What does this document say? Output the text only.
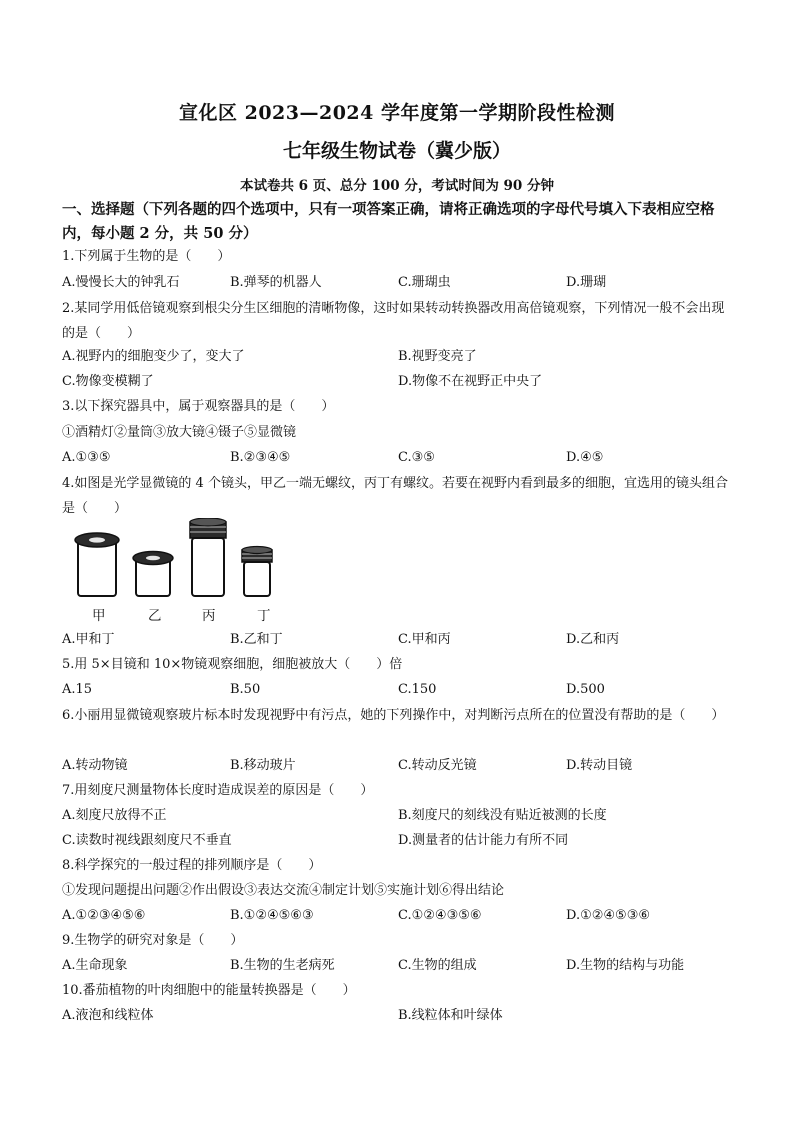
宣化区 2023—2024 学年度第一学期阶段性检测
七年级生物试卷（冀少版）
本试卷共 6 页、总分 100 分，考试时间为 90 分钟
一、选择题（下列各题的四个选项中，只有一项答案正确，请将正确选项的字母代号填入下表相应空格内，每小题 2 分，共 50 分）
1.下列属于生物的是（　　）
A.慢慢长大的钟乳石	B.弹琴的机器人	C.珊瑚虫	D.珊瑚
2.某同学用低倍镜观察到根尖分生区细胞的清晰物像，这时如果转动转换器改用高倍镜观察，下列情况一般不会出现的是（　　）
A.视野内的细胞变少了，变大了	B.视野变亮了
C.物像变模糊了	D.物像不在视野正中央了
3.以下探究器具中，属于观察器具的是（　　）
①酒精灯②量筒③放大镜④镊子⑤显微镜
A.①③⑤	B.②③④⑤	C.③⑤	D.④⑤
4.如图是光学显微镜的 4 个镜头，甲乙一端无螺纹，丙丁有螺纹。若要在视野内看到最多的细胞，宜选用的镜头组合是（　　）
甲	乙	丙	丁
A.甲和丁	B.乙和丁	C.甲和丙	D.乙和丙
5.用 5×目镜和 10×物镜观察细胞，细胞被放大（　　）倍
A.15	B.50	C.150	D.500
6.小丽用显微镜观察玻片标本时发现视野中有污点，她的下列操作中，对判断污点所在的位置没有帮助的是（　　）
A.转动物镜	B.移动玻片	C.转动反光镜	D.转动目镜
7.用刻度尺测量物体长度时造成误差的原因是（　　）
A.刻度尺放得不正	B.刻度尺的刻线没有贴近被测的长度
C.读数时视线跟刻度尺不垂直	D.测量者的估计能力有所不同
8.科学探究的一般过程的排列顺序是（　　）
①发现问题提出问题②作出假设③表达交流④制定计划⑤实施计划⑥得出结论
A.①②③④⑤⑥	B.①②④⑤⑥③	C.①②④③⑤⑥	D.①②④⑤③⑥
9.生物学的研究对象是（　　）
A.生命现象	B.生物的生老病死	C.生物的组成	D.生物的结构与功能
10.番茄植物的叶肉细胞中的能量转换器是（　　）
A.液泡和线粒体	B.线粒体和叶绿体
